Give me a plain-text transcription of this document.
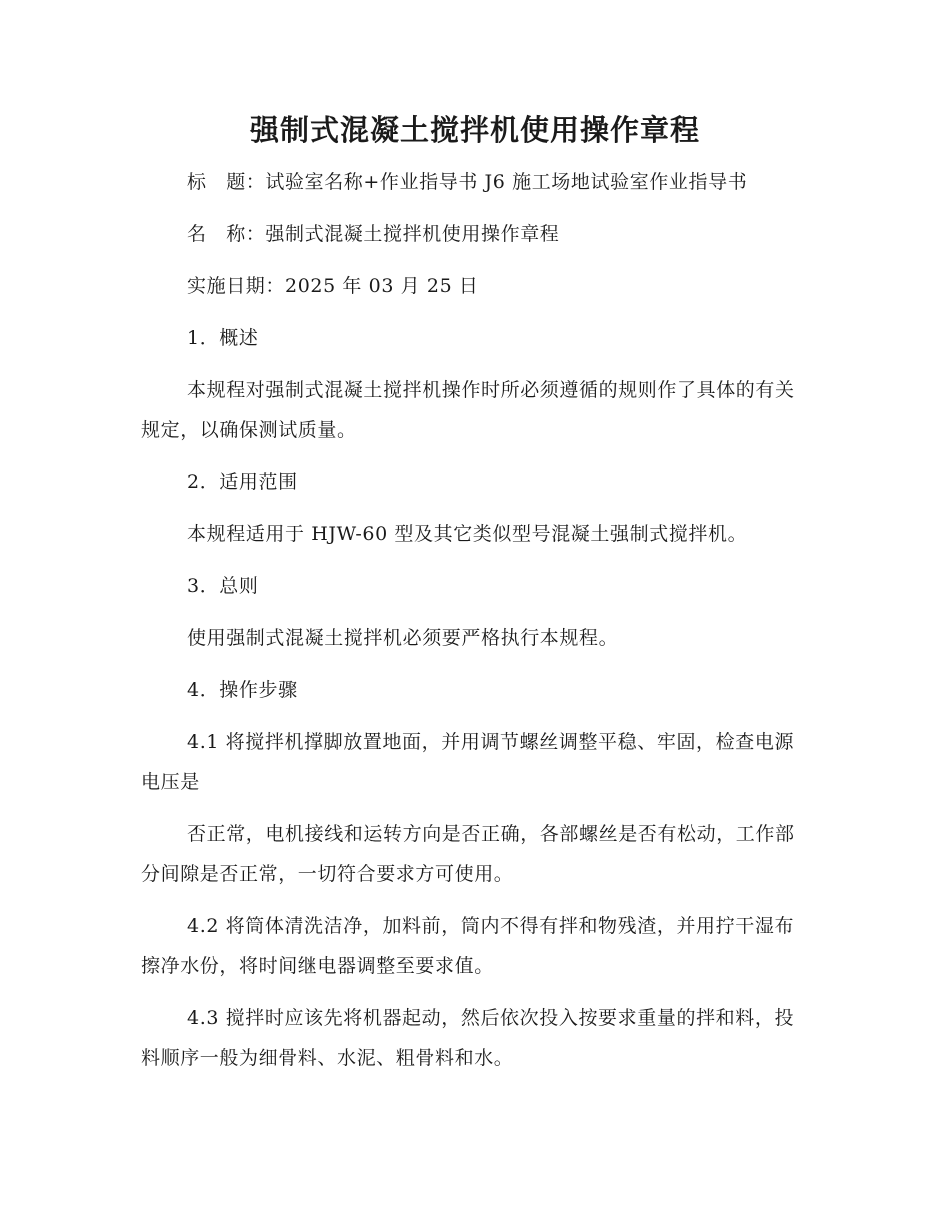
强制式混凝土搅拌机使用操作章程

标　题：试验室名称+作业指导书 J6 施工场地试验室作业指导书

名　称：强制式混凝土搅拌机使用操作章程

实施日期：2025 年 03 月 25 日

1．概述

本规程对强制式混凝土搅拌机操作时所必须遵循的规则作了具体的有关规定，以确保测试质量。

2．适用范围

本规程适用于 HJW-60 型及其它类似型号混凝土强制式搅拌机。

3．总则

使用强制式混凝土搅拌机必须要严格执行本规程。

4．操作步骤

4.1 将搅拌机撑脚放置地面，并用调节螺丝调整平稳、牢固，检查电源电压是

否正常，电机接线和运转方向是否正确，各部螺丝是否有松动，工作部分间隙是否正常，一切符合要求方可使用。

4.2 将筒体清洗洁净，加料前，筒内不得有拌和物残渣，并用拧干湿布擦净水份，将时间继电器调整至要求值。

4.3 搅拌时应该先将机器起动，然后依次投入按要求重量的拌和料，投料顺序一般为细骨料、水泥、粗骨料和水。
